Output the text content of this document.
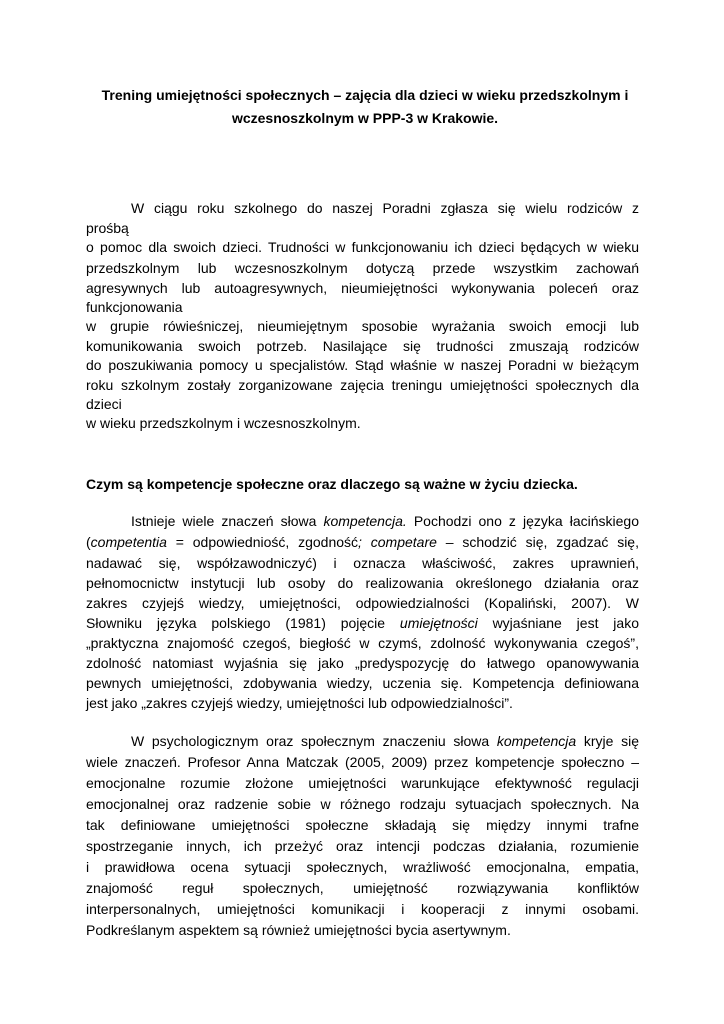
Trening umiejętności społecznych – zajęcia dla dzieci w wieku przedszkolnym i
wczesnoszkolnym w PPP-3 w Krakowie.

W ciągu roku szkolnego do naszej Poradni zgłasza się wielu rodziców z

prośbą

o pomoc dla swoich dzieci. Trudności w funkcjonowaniu ich dzieci będących w wieku

przedszkolnym lub wczesnoszkolnym dotyczą przede wszystkim zachowań

agresywnych lub autoagresywnych, nieumiejętności wykonywania poleceń oraz

funkcjonowania

w grupie rówieśniczej, nieumiejętnym sposobie wyrażania swoich emocji lub

komunikowania swoich potrzeb. Nasilające się trudności zmuszają rodziców

do poszukiwania pomocy u specjalistów. Stąd właśnie w naszej Poradni w bieżącym

roku szkolnym zostały zorganizowane zajęcia treningu umiejętności społecznych dla

dzieci

w wieku przedszkolnym i wczesnoszkolnym.

Czym są kompetencje społeczne oraz dlaczego są ważne w życiu dziecka.

Istnieje wiele znaczeń słowa kompetencja. Pochodzi ono z języka łacińskiego

(competentia = odpowiedniość, zgodność; competare – schodzić się, zgadzać się,

nadawać się, współzawodniczyć) i oznacza właściwość, zakres uprawnień,

pełnomocnictw instytucji lub osoby do realizowania określonego działania oraz

zakres czyjejś wiedzy, umiejętności, odpowiedzialności (Kopaliński, 2007). W

Słowniku języka polskiego (1981) pojęcie umiejętności wyjaśniane jest jako

„praktyczna znajomość czegoś, biegłość w czymś, zdolność wykonywania czegoś”,

zdolność natomiast wyjaśnia się jako „predyspozycję do łatwego opanowywania

pewnych umiejętności, zdobywania wiedzy, uczenia się. Kompetencja definiowana

jest jako „zakres czyjejś wiedzy, umiejętności lub odpowiedzialności”.

W psychologicznym oraz społecznym znaczeniu słowa kompetencja kryje się

wiele znaczeń. Profesor Anna Matczak (2005, 2009) przez kompetencje społeczno –

emocjonalne rozumie złożone umiejętności warunkujące efektywność regulacji

emocjonalnej oraz radzenie sobie w różnego rodzaju sytuacjach społecznych. Na

tak definiowane umiejętności społeczne składają się między innymi trafne

spostrzeganie innych, ich przeżyć oraz intencji podczas działania, rozumienie

i prawidłowa ocena sytuacji społecznych, wrażliwość emocjonalna, empatia,

znajomość reguł społecznych, umiejętność rozwiązywania konfliktów

interpersonalnych, umiejętności komunikacji i kooperacji z innymi osobami.

Podkreślanym aspektem są również umiejętności bycia asertywnym.
